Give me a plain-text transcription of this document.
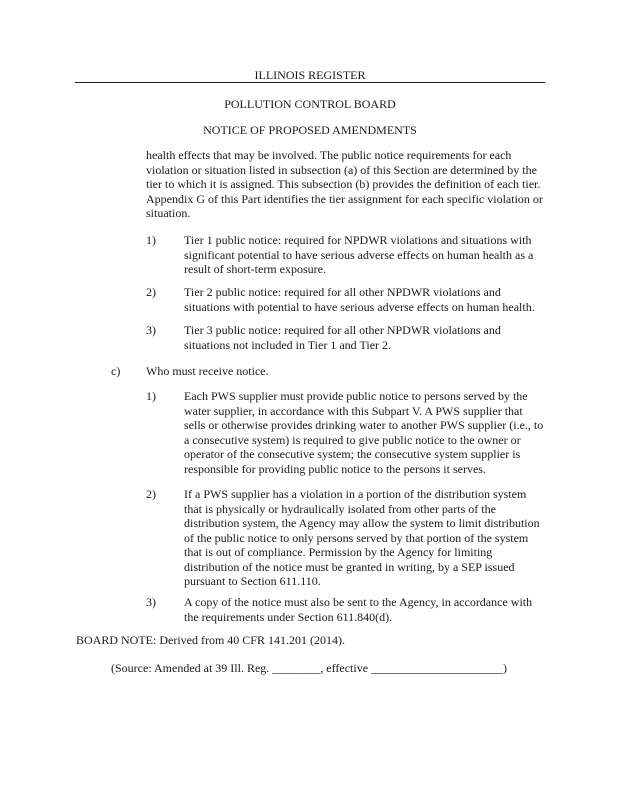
ILLINOIS REGISTER
POLLUTION CONTROL BOARD
NOTICE OF PROPOSED AMENDMENTS
health effects that may be involved. The public notice requirements for each violation or situation listed in subsection (a) of this Section are determined by the tier to which it is assigned. This subsection (b) provides the definition of each tier. Appendix G of this Part identifies the tier assignment for each specific violation or situation.
1) Tier 1 public notice: required for NPDWR violations and situations with significant potential to have serious adverse effects on human health as a result of short-term exposure.
2) Tier 2 public notice: required for all other NPDWR violations and situations with potential to have serious adverse effects on human health.
3) Tier 3 public notice: required for all other NPDWR violations and situations not included in Tier 1 and Tier 2.
c) Who must receive notice.
1) Each PWS supplier must provide public notice to persons served by the water supplier, in accordance with this Subpart V. A PWS supplier that sells or otherwise provides drinking water to another PWS supplier (i.e., to a consecutive system) is required to give public notice to the owner or operator of the consecutive system; the consecutive system supplier is responsible for providing public notice to the persons it serves.
2) If a PWS supplier has a violation in a portion of the distribution system that is physically or hydraulically isolated from other parts of the distribution system, the Agency may allow the system to limit distribution of the public notice to only persons served by that portion of the system that is out of compliance. Permission by the Agency for limiting distribution of the notice must be granted in writing, by a SEP issued pursuant to Section 611.110.
3) A copy of the notice must also be sent to the Agency, in accordance with the requirements under Section 611.840(d).
BOARD NOTE: Derived from 40 CFR 141.201 (2014).
(Source: Amended at 39 Ill. Reg. ________, effective ______________________)
